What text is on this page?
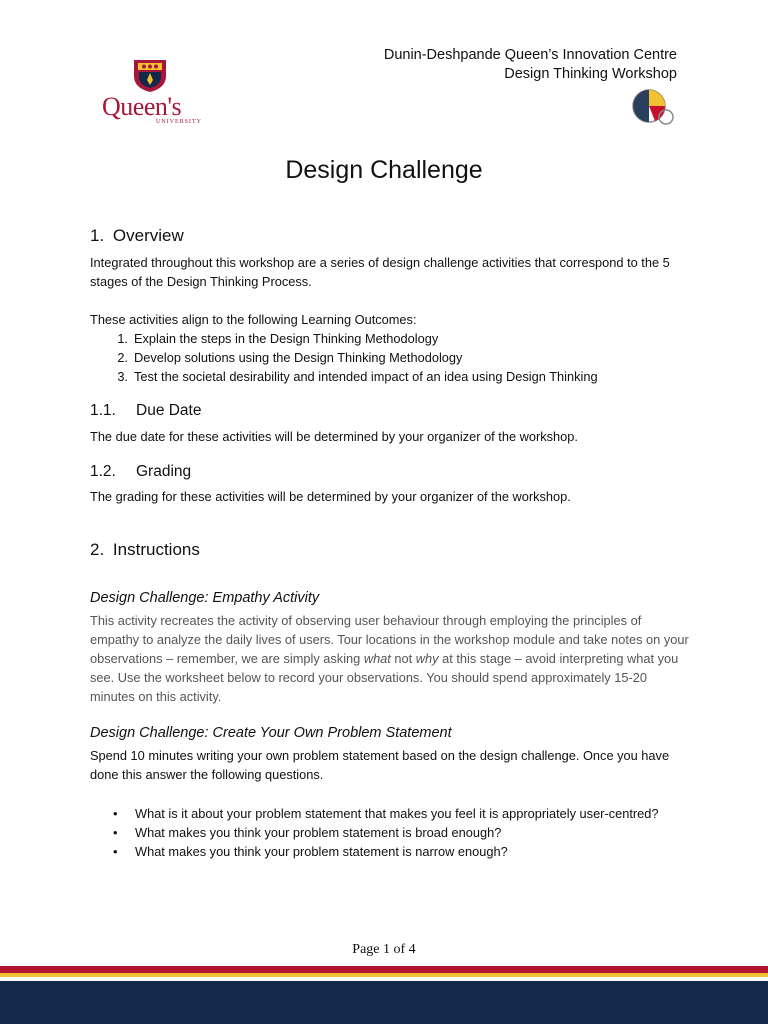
Queen's
UNIVERSITY
Dunin-Deshpande Queen’s Innovation Centre
Design Thinking Workshop
Design Challenge
1. Overview
Integrated throughout this workshop are a series of design challenge activities that correspond to the 5 stages of the Design Thinking Process.
These activities align to the following Learning Outcomes:
1. Explain the steps in the Design Thinking Methodology
2. Develop solutions using the Design Thinking Methodology
3. Test the societal desirability and intended impact of an idea using Design Thinking
1.1. Due Date
The due date for these activities will be determined by your organizer of the workshop.
1.2. Grading
The grading for these activities will be determined by your organizer of the workshop.
2. Instructions
Design Challenge: Empathy Activity
This activity recreates the activity of observing user behaviour through employing the principles of empathy to analyze the daily lives of users. Tour locations in the workshop module and take notes on your observations – remember, we are simply asking what not why at this stage – avoid interpreting what you see. Use the worksheet below to record your observations. You should spend approximately 15-20 minutes on this activity.
Design Challenge: Create Your Own Problem Statement
Spend 10 minutes writing your own problem statement based on the design challenge. Once you have done this answer the following questions.
•	What is it about your problem statement that makes you feel it is appropriately user-centred?
•	What makes you think your problem statement is broad enough?
•	What makes you think your problem statement is narrow enough?
Page 1 of 4
